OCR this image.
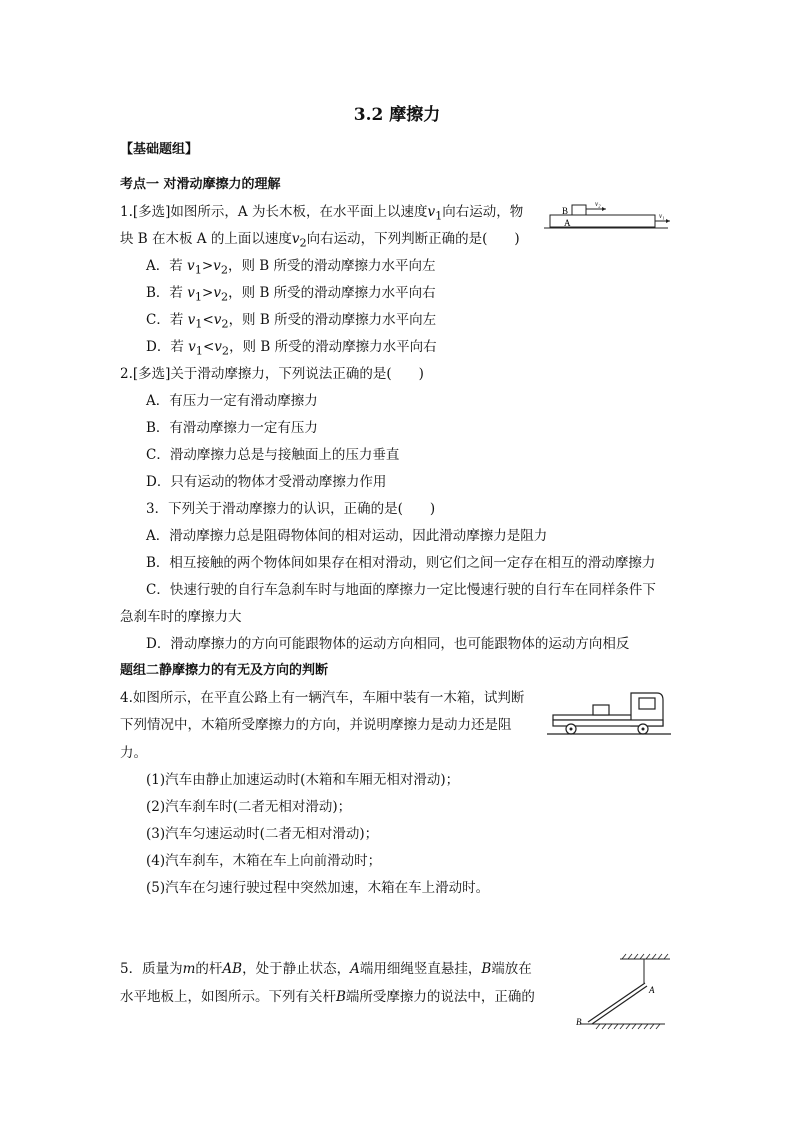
3.2 摩擦力
【基础题组】
考点一 对滑动摩擦力的理解
1.[多选]如图所示，A 为长木板，在水平面上以速度$v_1$向右运动，物
块 B 在木板 A 的上面以速度$v_2$向右运动，下列判断正确的是(　　)
A．若 $v_1>v_2$，则 B 所受的滑动摩擦力水平向左
B．若 $v_1>v_2$，则 B 所受的滑动摩擦力水平向右
C．若 $v_1<v_2$，则 B 所受的滑动摩擦力水平向左
D．若 $v_1<v_2$，则 B 所受的滑动摩擦力水平向右
B
A
v₂
v₁
2.[多选]关于滑动摩擦力，下列说法正确的是(　　)
A．有压力一定有滑动摩擦力
B．有滑动摩擦力一定有压力
C．滑动摩擦力总是与接触面上的压力垂直
D．只有运动的物体才受滑动摩擦力作用
3．下列关于滑动摩擦力的认识，正确的是(　　)
A．滑动摩擦力总是阻碍物体间的相对运动，因此滑动摩擦力是阻力
B．相互接触的两个物体间如果存在相对滑动，则它们之间一定存在相互的滑动摩擦力
C．快速行驶的自行车急刹车时与地面的摩擦力一定比慢速行驶的自行车在同样条件下
急刹车时的摩擦力大
D．滑动摩擦力的方向可能跟物体的运动方向相同，也可能跟物体的运动方向相反
题组二静摩擦力的有无及方向的判断
4.如图所示，在平直公路上有一辆汽车，车厢中装有一木箱，试判断
下列情况中，木箱所受摩擦力的方向，并说明摩擦力是动力还是阻
力。
(1)汽车由静止加速运动时(木箱和车厢无相对滑动)；
(2)汽车刹车时(二者无相对滑动)；
(3)汽车匀速运动时(二者无相对滑动)；
(4)汽车刹车，木箱在车上向前滑动时；
(5)汽车在匀速行驶过程中突然加速，木箱在车上滑动时。
5．质量为m的杆AB，处于静止状态，A端用细绳竖直悬挂，B端放在
水平地板上，如图所示。下列有关杆B端所受摩擦力的说法中，正确的	A
B
